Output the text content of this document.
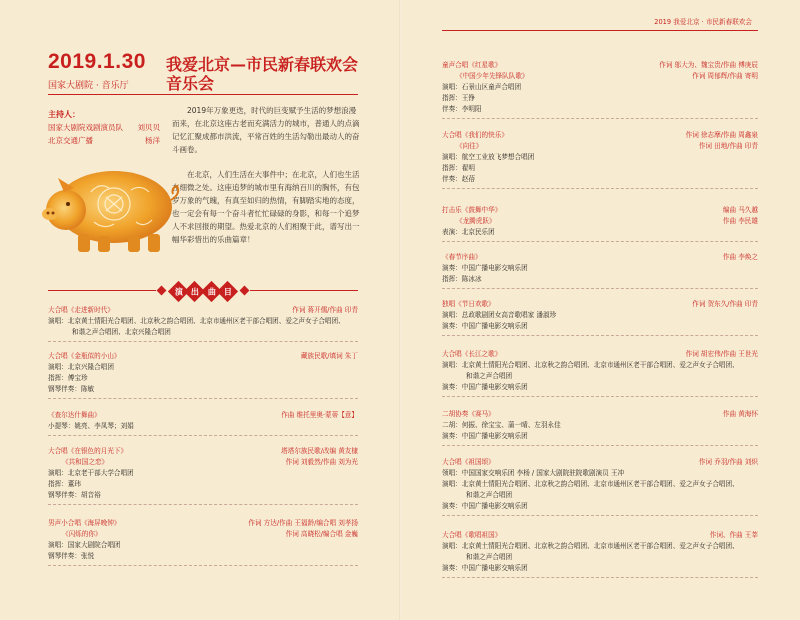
2019.1.30
国家大剧院 · 音乐厅
我爱北京—市民新春联欢会音乐会
主持人：
国家大剧院戏剧演员队 刘贝贝
北京交通广播	杨洋
2019年万象更迭，时代的巨变赋予生活的梦想浪漫而来，在北京这座古老而充满活力的城市，普通人的点滴记忆汇聚成都市洪流，平常百姓的生活勾勒出最动人的奋斗画卷。
在北京，人们生活在大事件中；在北京，人们也生活在细微之处。这座追梦的城市里有海纳百川的胸怀，有包罗万象的气魄，有真至如归的热情，有脚踏实地的态度，也一定会有每一个奋斗者忙忙碌碌的身影，和每一个追梦人不求回报的期望。热爱北京的人们相聚于此，谱写出一幅华彩惜出的乐曲篇章！
演 出 曲 目
大合唱《走进新时代》	作词 蒋开儒/作曲 印青
演唱：北京黄土情阳光合唱团、北京秋之韵合唱团、北京市通州区老干部合唱团、爱之声女子合唱团、
和谐之声合唱团、北京兴隆合唱团
大合唱《金瓶似的小山》	藏族民歌/填词 朱丁
演唱：北京兴隆合唱团
指挥：傅宝珍
钢琴伴奏：陈敏
《查尔达什舞曲》	作曲 维托里奥·蒙蒂【意】
小提琴：姚亮、李凤琴；刘娟
大合唱《在银色的月光下》	塔塔尔族民歌/改编 黄友棣
《共和国之恋》	作词 刘毅然/作曲 刘为光
演唱：北京老干部大学合唱团
指挥：董玮
钢琴伴奏：胡音裕
男声小合唱《海屏晚钟》	作词 方达/作曲 王福龄/编合唱 刘孝扬
《闪烁的你》	作词 高晓松/编合唱 金巍
演唱：国家大剧院合唱团
钢琴伴奏：张悦
2019 我爱北京 · 市民新春联欢会
童声合唱《红星歌》	作词 邬大为、魏宝贵/作曲 傅庚辰
《中国少年先锋队队歌》	作词 周郁辉/作曲 寄明
演唱：石景山区童声合唱团
指挥：王铮
伴奏：李明阳
大合唱《我们的快乐》	作词 徐志摩/作曲 周鑫泉
《向往》	作词 田地/作曲 印青
演唱：航空工业放飞梦想合唱团
指挥：翟明
伴奏：赵蓓
打击乐《鼓舞中华》	编曲 马久越
《龙腾虎跃》	作曲 李民雄
表演：北京民乐团
《春节序曲》	作曲 李焕之
演奏：中国广播电影交响乐团
指挥：陈冰冰
独唱《节日欢歌》	作词 贺东久/作曲 印青
演唱：总政歌剧团女高音歌唱家 潘淑珍
演奏：中国广播电影交响乐团
大合唱《长江之歌》	作词 胡宏伟/作曲 王世光
演唱：北京黄土情阳光合唱团、北京秋之韵合唱团、北京市通州区老干部合唱团、爱之声女子合唱团、
和谐之声合唱团
演奏：中国广播电影交响乐团
二胡协奏《赛马》	作曲 黄海怀
二胡：何振、徐宝宝、蒲一晴、左羽永佳
演奏：中国广播电影交响乐团
大合唱《祖国颂》	作词 乔羽/作曲 刘炽
领唱：中国国家交响乐团 李杨 / 国家大剧院驻院歌剧演员 王冲
演唱：北京黄土情阳光合唱团、北京秋之韵合唱团、北京市通州区老干部合唱团、爱之声女子合唱团、
和谐之声合唱团
演奏：中国广播电影交响乐团
大合唱《歌唱祖国》	作词、作曲 王莘
演唱：北京黄土情阳光合唱团、北京秋之韵合唱团、北京市通州区老干部合唱团、爱之声女子合唱团、
和谐之声合唱团
演奏：中国广播电影交响乐团
